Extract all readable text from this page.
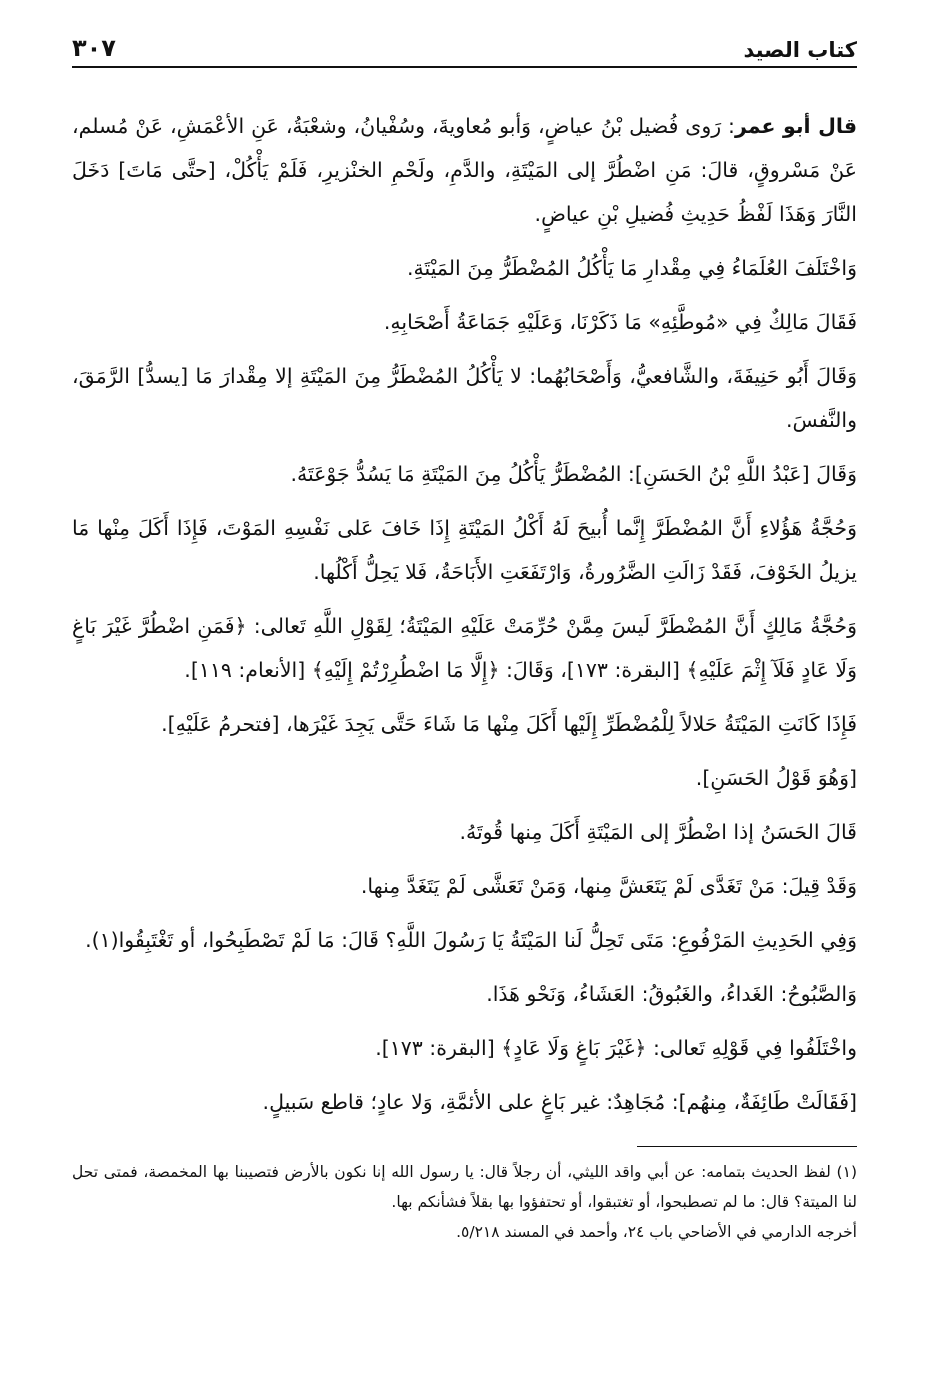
كتاب الصيد
٣٠٧

قال أبو عمر: رَوى فُضيل بْنُ عياضٍ، وَأبو مُعاويةَ، وسُفْيانُ، وشعْبَةُ، عَنِ الأعْمَشِ، عَنْ مُسلم، عَنْ مَسْروقٍ، قالَ: مَنِ اضْطُرَّ إلى المَيْتَةِ، والدَّمِ، ولَحْمِ الخنْزيرِ، فَلَمْ يَأْكُلْ، [حتَّى مَاتَ] دَخَلَ النَّارَ وَهَذَا لَفْظُ حَدِيثِ فُضيلِ بْنِ عياضٍ.

وَاخْتَلَفَ العُلَمَاءُ فِي مِقْدارِ مَا يَأْكُلُ المُضْطَرُّ مِنَ المَيْتَةِ.

فَقَالَ مَالِكٌ فِي «مُوطَّئِهِ» مَا ذَكَرْنَا، وَعَلَيْهِ جَمَاعَةُ أَصْحَابِهِ.

وَقَالَ أَبُو حَنِيفَةَ، والشَّافعيُّ، وَأَصْحَابُهُما: لا يَأْكُلُ المُضْطَرُّ مِنَ المَيْتَةِ إلا مِقْدارَ مَا [يسدُّ] الرَّمَقَ، والنَّفسَ.

وَقَالَ [عَبْدُ اللَّهِ بْنُ الحَسَنِ]: المُضْطَرُّ يَأْكُلُ مِنَ المَيْتَةِ مَا يَسُدُّ جَوْعَتَهُ.

وَحُجَّةُ هَؤُلاءِ أَنَّ المُضْطَرَّ إِنَّما أُبيحَ لَهُ أَكْلُ المَيْتَةِ إِذَا خَافَ عَلى نَفْسِهِ المَوْتَ، فَإِذَا أَكَلَ مِنْها مَا يزيلُ الخَوْفَ، فَقَدْ زَالَتِ الضَّرُورةُ، وَارْتَفَعَتِ الأَبَاحَةُ، فَلا يَحِلُّ أَكْلُها.

وَحُجَّةُ مَالِكٍ أَنَّ المُضْطَرَّ لَيسَ مِمَّنْ حُرِّمَتْ عَلَيْهِ المَيْتَةُ؛ لِقَوْلِ اللَّهِ تَعالى: ﴿فَمَنِ اضْطُرَّ غَيْرَ بَاغٍ وَلَا عَادٍ فَلَآ إِثْمَ عَلَيْهِ﴾ [البقرة: ١٧٣]، وَقَالَ: ﴿إِلَّا مَا اضْطُرِرْتُمْ إِلَيْهِ﴾ [الأنعام: ١١٩].

فَإِذَا كَانَتِ المَيْتَةُ حَلالاً لِلْمُضْطَرِّ إِلَيْها أَكَلَ مِنْها مَا شَاءَ حَتَّى يَجِدَ غَيْرَها، [فتحرمُ عَلَيْهِ].

[وَهُوَ قَوْلُ الحَسَنِ].

قَالَ الحَسَنُ إذا اضْطُرَّ إلى المَيْتَةِ أَكَلَ مِنها قُوتَهُ.

وَقَدْ قِيلَ: مَنْ تَغَدَّى لَمْ يَتَعَشَّ مِنها، وَمَنْ تَعَشَّى لَمْ يَتَغَدَّ مِنها.

وَفِي الحَدِيثِ المَرْفُوعِ: مَتَى تَحِلُّ لَنا المَيْتَةُ يَا رَسُولَ اللَّهِ؟ قَالَ: مَا لَمْ تَصْطَبِحُوا، أو تَغْتَبِقُوا(١).

وَالصَّبُوحُ: الغَداءُ، والغَبُوقُ: العَشَاءُ، وَنَحْو هَذَا.

واخْتَلَفُوا فِي قَوْلِهِ تَعالى: ﴿غَيْرَ بَاغٍ وَلَا عَادٍ﴾ [البقرة: ١٧٣].

[فَقَالَتْ طَائِفَةٌ، مِنهُم]: مُجَاهِدٌ: غير بَاغٍ على الأئمَّةِ، وَلا عادٍ؛ قاطع سَبيلٍ.

(١) لفظ الحديث بتمامه: عن أبي واقد الليثي، أن رجلاً قال: يا رسول الله إنا نكون بالأرض فتصيبنا بها المخمصة، فمتى تحل لنا الميتة؟ قال: ما لم تصطبحوا، أو تغتبقوا، أو تحتفؤوا بها بقلاً فشأنكم بها.

أخرجه الدارمي في الأضاحي باب ٢٤، وأحمد في المسند ٥/٢١٨.
